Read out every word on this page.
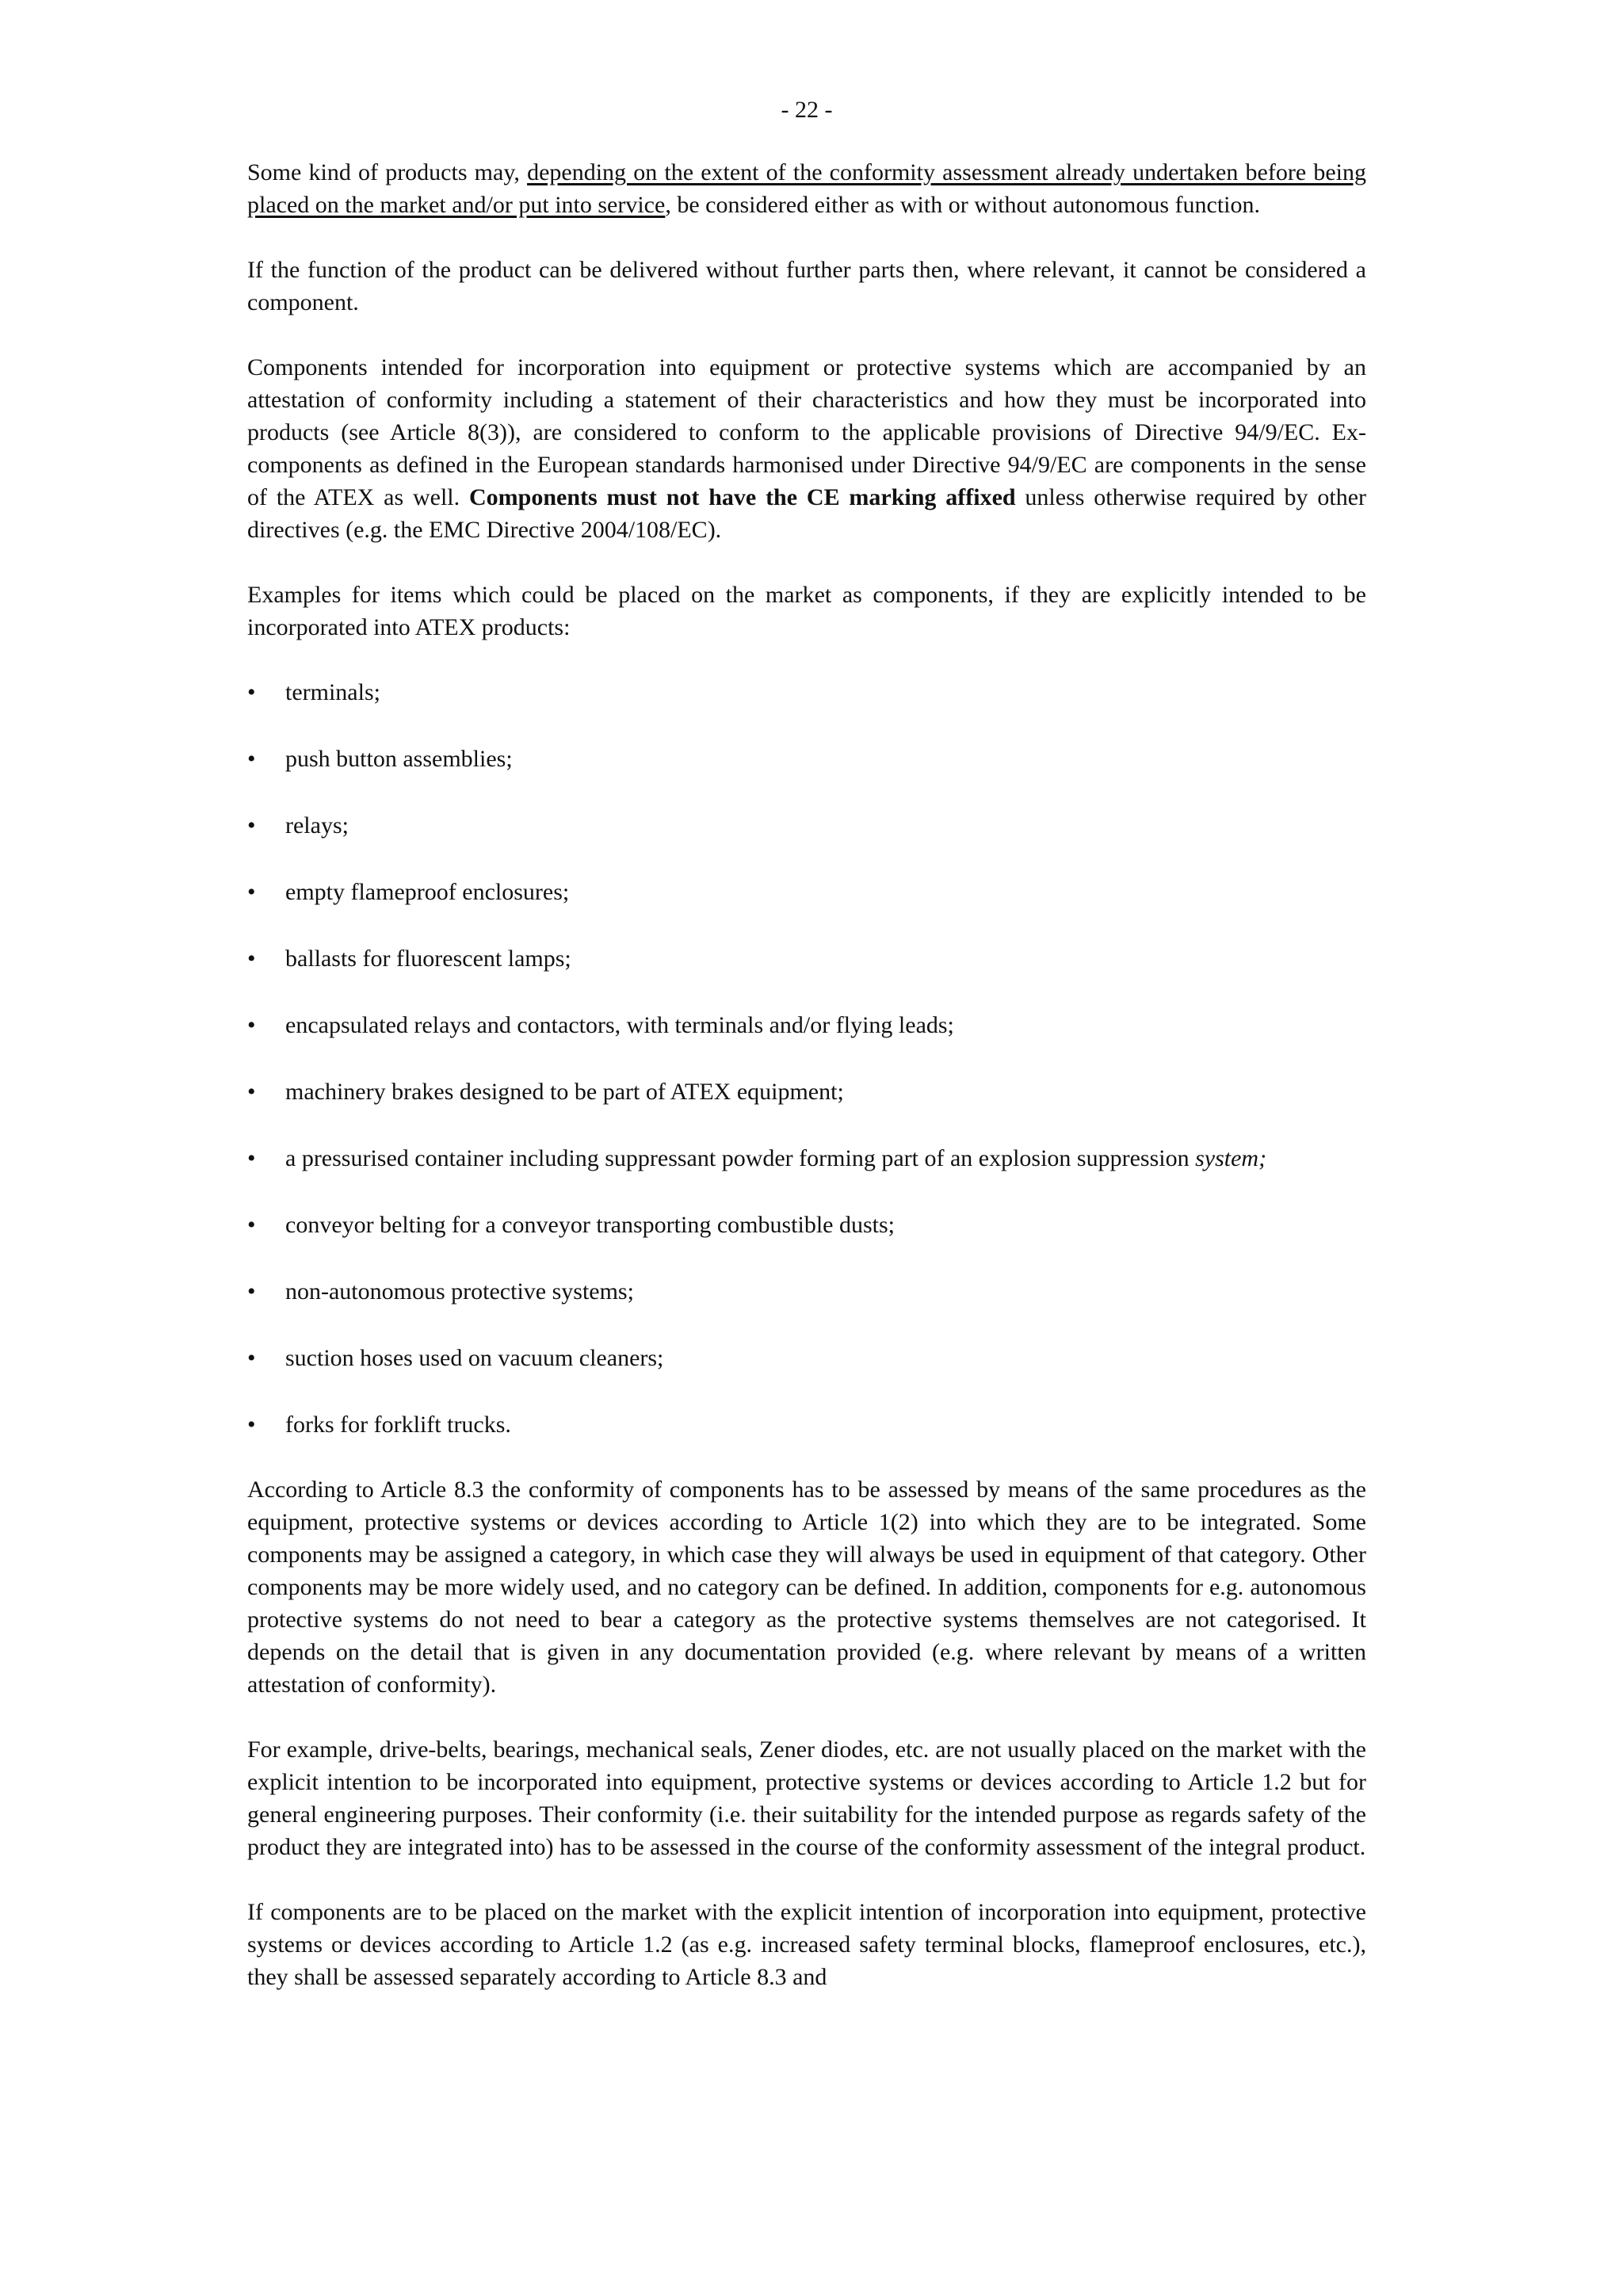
- 22 -

Some kind of products may, depending on the extent of the conformity assessment already undertaken before being placed on the market and/or put into service, be considered either as with or without autonomous function.

If the function of the product can be delivered without further parts then, where relevant, it cannot be considered a component.

Components intended for incorporation into equipment or protective systems which are accompanied by an attestation of conformity including a statement of their characteristics and how they must be incorporated into products (see Article 8(3)), are considered to conform to the applicable provisions of Directive 94/9/EC. Ex-components as defined in the European standards harmonised under Directive 94/9/EC are components in the sense of the ATEX as well. Components must not have the CE marking affixed unless otherwise required by other directives (e.g. the EMC Directive 2004/108/EC).

Examples for items which could be placed on the market as components, if they are explicitly intended to be incorporated into ATEX products:

•	terminals;
•	push button assemblies;
•	relays;
•	empty flameproof enclosures;
•	ballasts for fluorescent lamps;
•	encapsulated relays and contactors, with terminals and/or flying leads;
•	machinery brakes designed to be part of ATEX equipment;
•	a pressurised container including suppressant powder forming part of an explosion suppression system;
•	conveyor belting for a conveyor transporting combustible dusts;
•	non-autonomous protective systems;
•	suction hoses used on vacuum cleaners;
•	forks for forklift trucks.

According to Article 8.3 the conformity of components has to be assessed by means of the same procedures as the equipment, protective systems or devices according to Article 1(2) into which they are to be integrated. Some components may be assigned a category, in which case they will always be used in equipment of that category. Other components may be more widely used, and no category can be defined. In addition, components for e.g. autonomous protective systems do not need to bear a category as the protective systems themselves are not categorised. It depends on the detail that is given in any documentation provided (e.g. where relevant by means of a written attestation of conformity).

For example, drive-belts, bearings, mechanical seals, Zener diodes, etc. are not usually placed on the market with the explicit intention to be incorporated into equipment, protective systems or devices according to Article 1.2 but for general engineering purposes. Their conformity (i.e. their suitability for the intended purpose as regards safety of the product they are integrated into) has to be assessed in the course of the conformity assessment of the integral product.

If components are to be placed on the market with the explicit intention of incorporation into equipment, protective systems or devices according to Article 1.2 (as e.g. increased safety terminal blocks, flameproof enclosures, etc.), they shall be assessed separately according to Article 8.3 and
